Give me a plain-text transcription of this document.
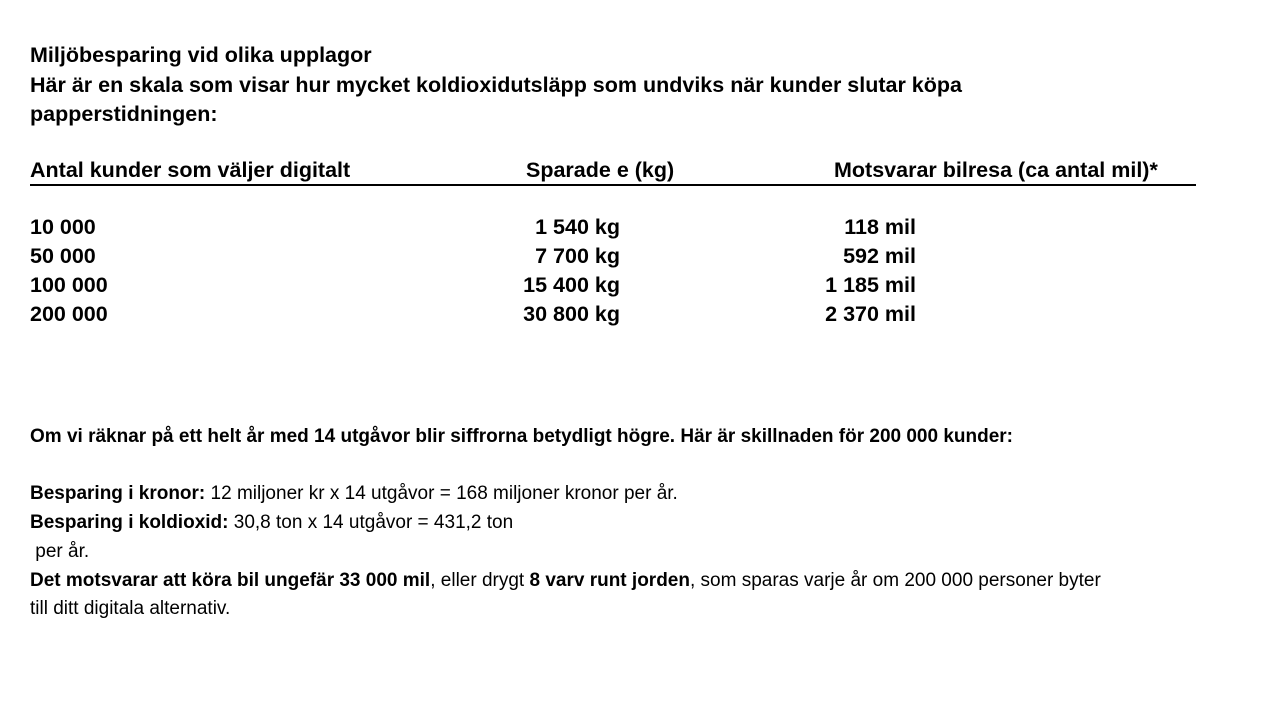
Miljöbesparing vid olika upplagor
Här är en skala som visar hur mycket koldioxidutsläpp som undviks när kunder slutar köpa
papperstidningen:
Antal kunder som väljer digitalt	Sparade e (kg)	Motsvarar bilresa (ca antal mil)*
10 000	1 540 kg	118 mil
50 000	7 700 kg	592 mil
100 000	15 400 kg	1 185 mil
200 000	30 800 kg	2 370 mil

Om vi räknar på ett helt år med 14 utgåvor blir siffrorna betydligt högre. Här är skillnaden för 200 000 kunder:

Besparing i kronor: 12 miljoner kr x 14 utgåvor = 168 miljoner kronor per år.

Besparing i koldioxid: 30,8 ton x 14 utgåvor = 431,2 ton

per år.

Det motsvarar att köra bil ungefär 33 000 mil, eller drygt 8 varv runt jorden, som sparas varje år om 200 000 personer byter

till ditt digitala alternativ.
